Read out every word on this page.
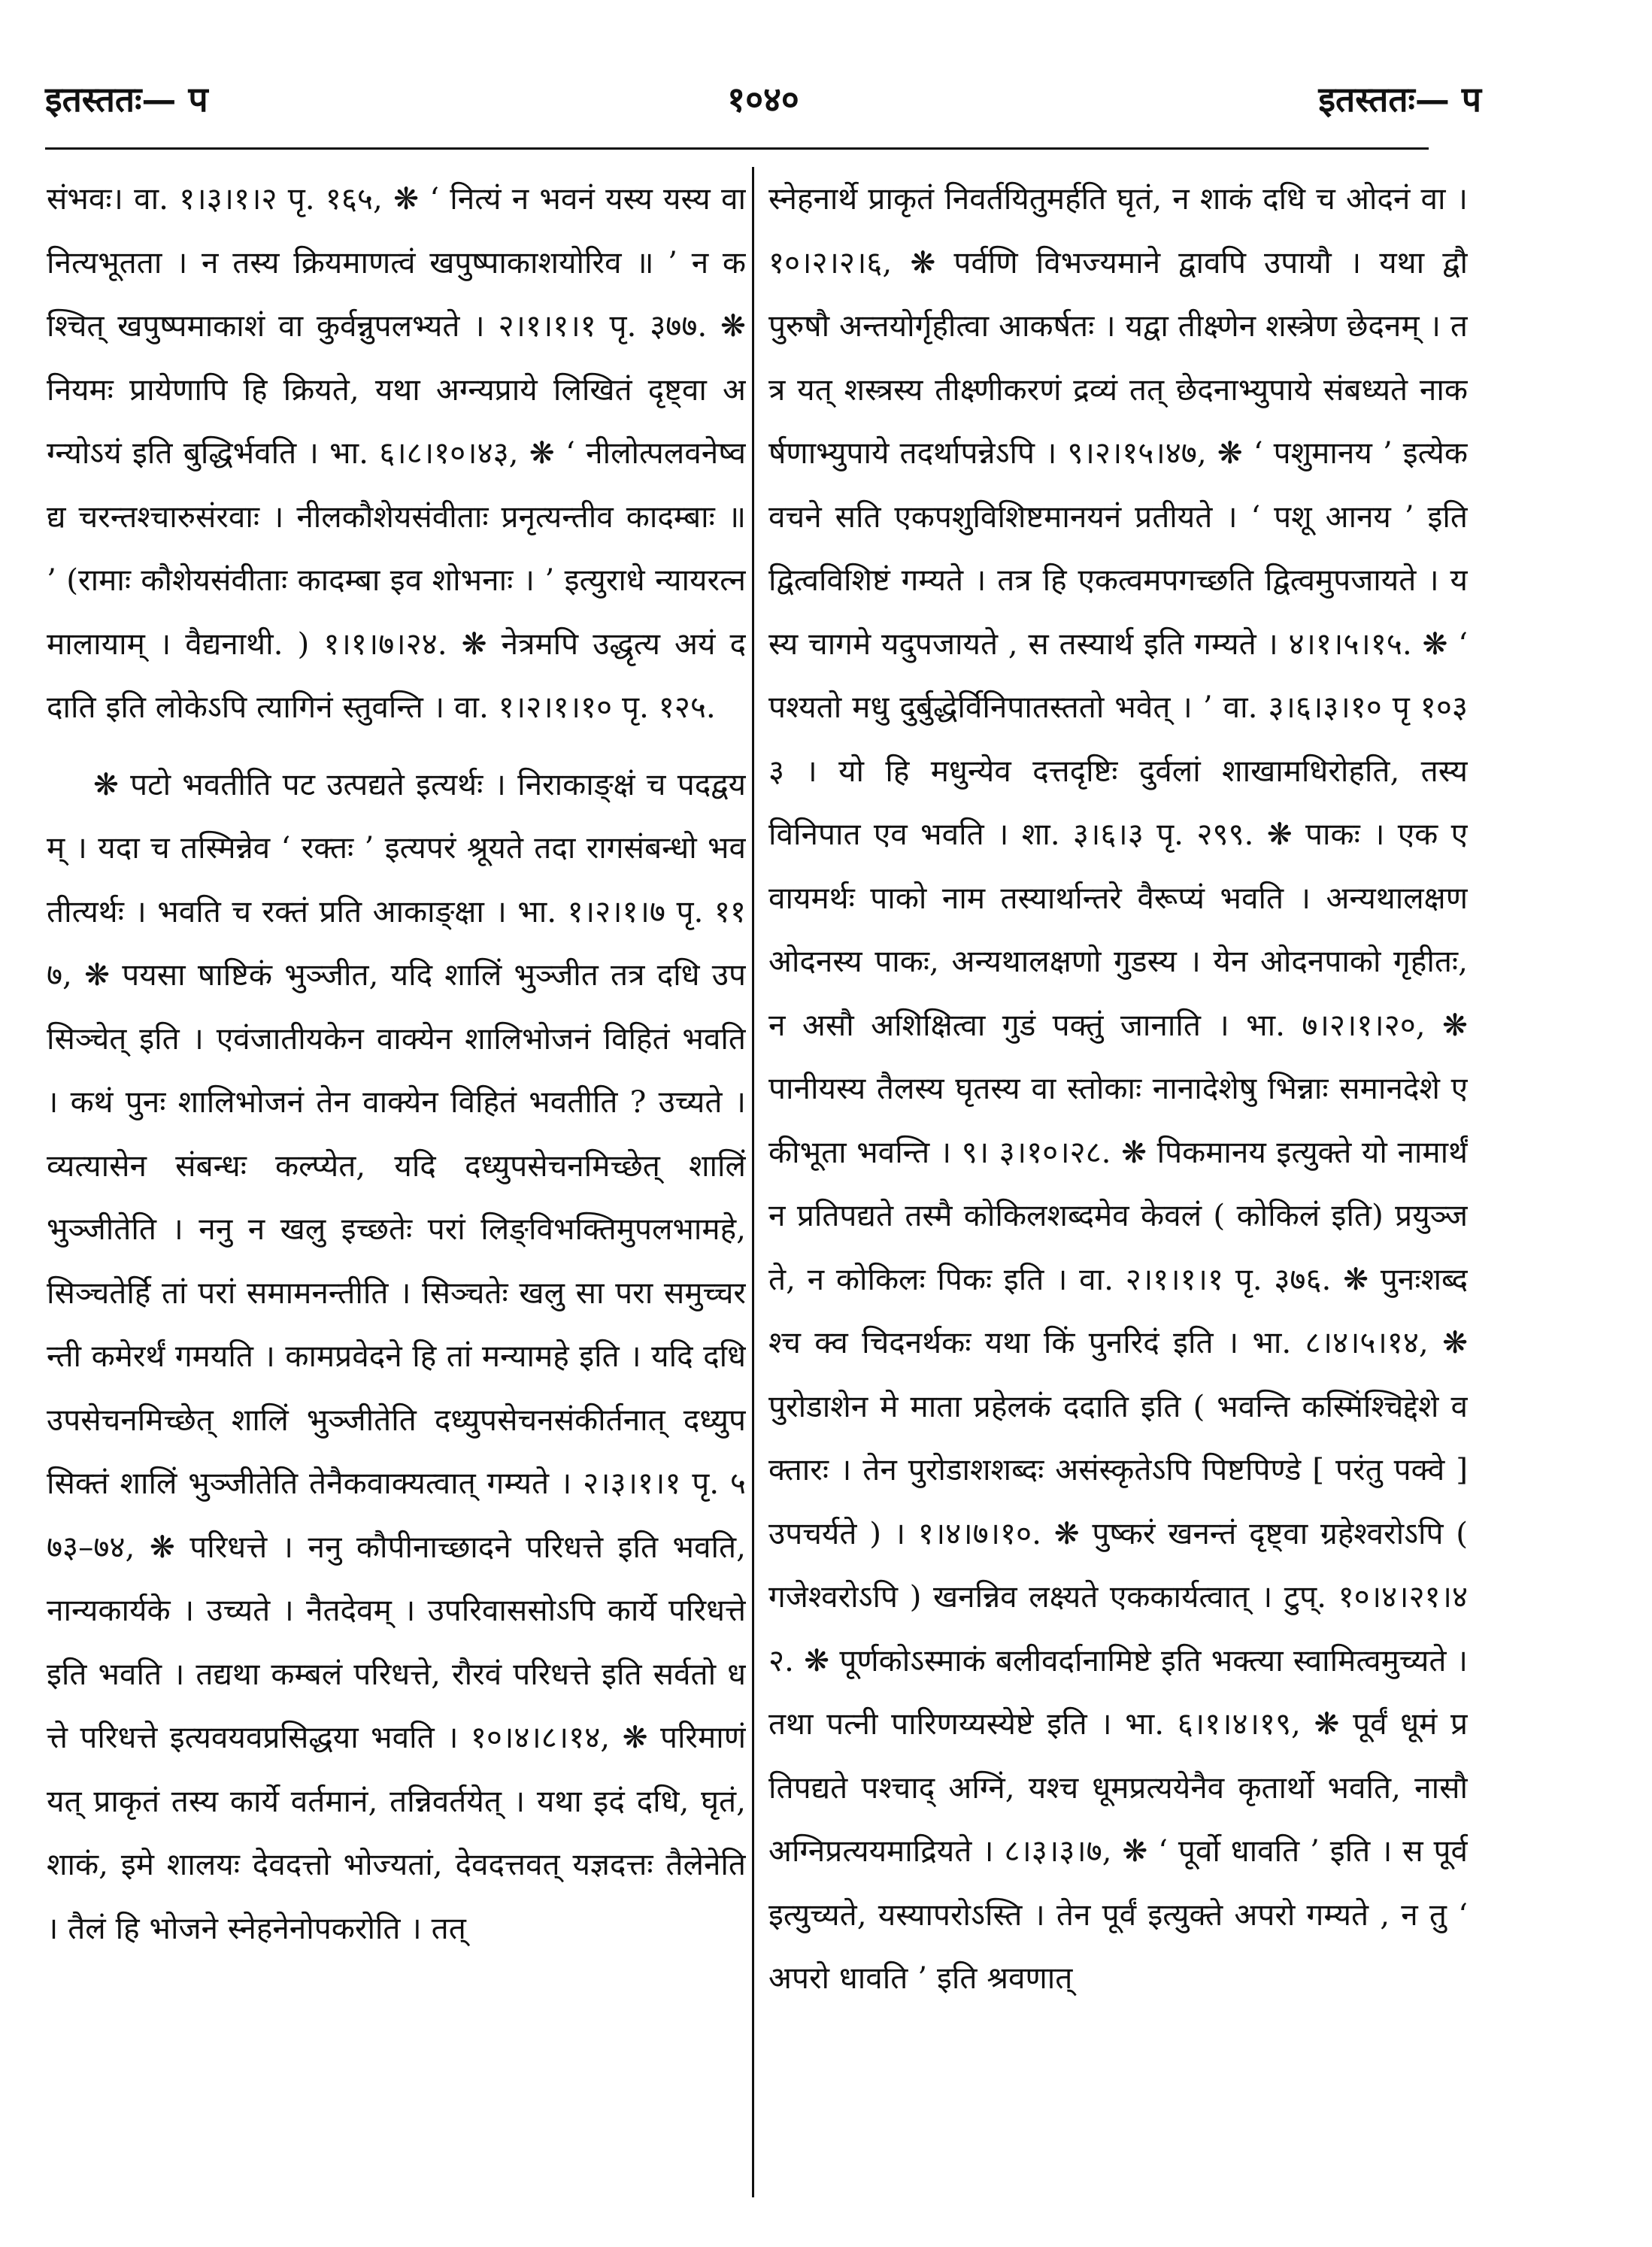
इतस्ततः— प	१०४०	इतस्ततः— प

संभवः। वा. १।३।१।२ पृ. १६५, ❋ ‘ नित्यं न भवनं यस्य यस्य वा नित्यभूतता । न तस्य क्रियमाणत्वं खपुष्पाकाशयोरिव ॥ ’ न कश्चित् खपुष्पमाकाशं वा कुर्वन्नुपलभ्यते । २।१।१।१ पृ. ३७७. ❋ नियमः प्रायेणापि हि क्रियते, यथा अग्न्यप्राये लिखितं दृष्ट्वा अग्न्योऽयं इति बुद्धिर्भवति । भा. ६।८।१०।४३, ❋ ‘ नीलोत्पलवनेष्वद्य चरन्तश्चारुसंरवाः । नीलकौशेयसंवीताः प्रनृत्यन्तीव कादम्बाः ॥ ’ (रामाः कौशेयसंवीताः कादम्बा इव शोभनाः । ’ इत्युराधे न्यायरत्नमालायाम् । वैद्यनाथी. ) १।१।७।२४. ❋ नेत्रमपि उद्धृत्य अयं ददाति इति लोकेऽपि त्यागिनं स्तुवन्ति । वा. १।२।१।१० पृ. १२५.

❋ पटो भवतीति पट उत्पद्यते इत्यर्थः । निराकाङ्क्षं च पदद्वयम् । यदा च तस्मिन्नेव ‘ रक्तः ’ इत्यपरं श्रूयते तदा रागसंबन्धो भवतीत्यर्थः । भवति च रक्तं प्रति आकाङ्क्षा । भा. १।२।१।७ पृ. ११७, ❋ पयसा षाष्टिकं भुञ्जीत, यदि शालिं भुञ्जीत तत्र दधि उपसिञ्चेत् इति । एवंजातीयकेन वाक्येन शालिभोजनं विहितं भवति । कथं पुनः शालिभोजनं तेन वाक्येन विहितं भवतीति ? उच्यते । व्यत्यासेन संबन्धः कल्प्येत, यदि दध्युपसेचनमिच्छेत् शालिं भुञ्जीतेति । ननु न खलु इच्छतेः परां लिङ्विभक्तिमुपलभामहे, सिञ्चतेर्हि तां परां समामनन्तीति । सिञ्चतेः खलु सा परा समुच्चरन्ती कमेरर्थं गमयति । कामप्रवेदने हि तां मन्यामहे इति । यदि दधि उपसेचनमिच्छेत् शालिं भुञ्जीतेति दध्युपसेचनसंकीर्तनात् दध्युपसिक्तं शालिं भुञ्जीतेति तेनैकवाक्यत्वात् गम्यते । २।३।१।१ पृ. ५७३–७४, ❋ परिधत्ते । ननु कौपीनाच्छादने परिधत्ते इति भवति, नान्यकार्यके । उच्यते । नैतदेवम् । उपरिवाससोऽपि कार्ये परिधत्ते इति भवति । तद्यथा कम्बलं परिधत्ते, रौरवं परिधत्ते इति सर्वतो धत्ते परिधत्ते इत्यवयवप्रसिद्धया भवति । १०।४।८।१४, ❋ परिमाणं यत् प्राकृतं तस्य कार्ये वर्तमानं, तन्निवर्तयेत् । यथा इदं दधि, घृतं, शाकं, इमे शालयः देवदत्तो भोज्यतां, देवदत्तवत् यज्ञदत्तः तैलेनेति । तैलं हि भोजने स्नेहनेनोपकरोति । तत्

स्नेहनार्थे प्राकृतं निवर्तयितुमर्हति घृतं, न शाकं दधि च ओदनं वा । १०।२।२।६, ❋ पर्वणि विभज्यमाने द्वावपि उपायौ । यथा द्वौ पुरुषौ अन्तयोर्गृहीत्वा आकर्षतः । यद्वा तीक्ष्णेन शस्त्रेण छेदनम् । तत्र यत् शस्त्रस्य तीक्ष्णीकरणं द्रव्यं तत् छेदनाभ्युपाये संबध्यते नाकर्षणाभ्युपाये तदर्थापन्नेऽपि । ९।२।१५।४७, ❋ ‘ पशुमानय ’ इत्येकवचने सति एकपशुविशिष्टमानयनं प्रतीयते । ‘ पशू आनय ’ इति द्वित्वविशिष्टं गम्यते । तत्र हि एकत्वमपगच्छति द्वित्वमुपजायते । यस्य चागमे यदुपजायते , स तस्यार्थ इति गम्यते । ४।१।५।१५. ❋ ‘ पश्यतो मधु दुर्बुद्धेर्विनिपातस्ततो भवेत् । ’ वा. ३।६।३।१० पृ १०३३ । यो हि मधुन्येव दत्तदृष्टिः दुर्वलां शाखामधिरोहति, तस्य विनिपात एव भवति । शा. ३।६।३ पृ. २९९. ❋ पाकः । एक एवायमर्थः पाको नाम तस्यार्थान्तरे वैरूप्यं भवति । अन्यथालक्षण ओदनस्य पाकः, अन्यथालक्षणो गुडस्य । येन ओदनपाको गृहीतः, न असौ अशिक्षित्वा गुडं पक्तुं जानाति । भा. ७।२।१।२०, ❋ पानीयस्य तैलस्य घृतस्य वा स्तोकाः नानादेशेषु भिन्नाः समानदेशे एकीभूता भवन्ति । ९। ३।१०।२८. ❋ पिकमानय इत्युक्ते यो नामार्थं न प्रतिपद्यते तस्मै कोकिलशब्दमेव केवलं ( कोकिलं इति) प्रयुञ्जते, न कोकिलः पिकः इति । वा. २।१।१।१ पृ. ३७६. ❋ पुनःशब्दश्च क्व चिदनर्थकः यथा किं पुनरिदं इति । भा. ८।४।५।१४, ❋ पुरोडाशेन मे माता प्रहेलकं ददाति इति ( भवन्ति कस्मिंश्चिद्देशे वक्तारः । तेन पुरोडाशशब्दः असंस्कृतेऽपि पिष्टपिण्डे [ परंतु पक्वे ] उपचर्यते ) । १।४।७।१०. ❋ पुष्करं खनन्तं दृष्ट्वा ग्रहेश्वरोऽपि ( गजेश्वरोऽपि ) खनन्निव लक्ष्यते एककार्यत्वात् । टुप्. १०।४।२१।४२. ❋ पूर्णकोऽस्माकं बलीवर्दानामिष्टे इति भक्त्या स्वामित्वमुच्यते । तथा पत्नी पारिणय्यस्येष्टे इति । भा. ६।१।४।१९, ❋ पूर्वं धूमं प्रतिपद्यते पश्चाद् अग्निं, यश्च धूमप्रत्ययेनैव कृतार्थो भवति, नासौ अग्निप्रत्ययमाद्रियते । ८।३।३।७, ❋ ‘ पूर्वो धावति ’ इति । स पूर्व इत्युच्यते, यस्यापरोऽस्ति । तेन पूर्वं इत्युक्ते अपरो गम्यते , न तु ‘ अपरो धावति ’ इति श्रवणात्
